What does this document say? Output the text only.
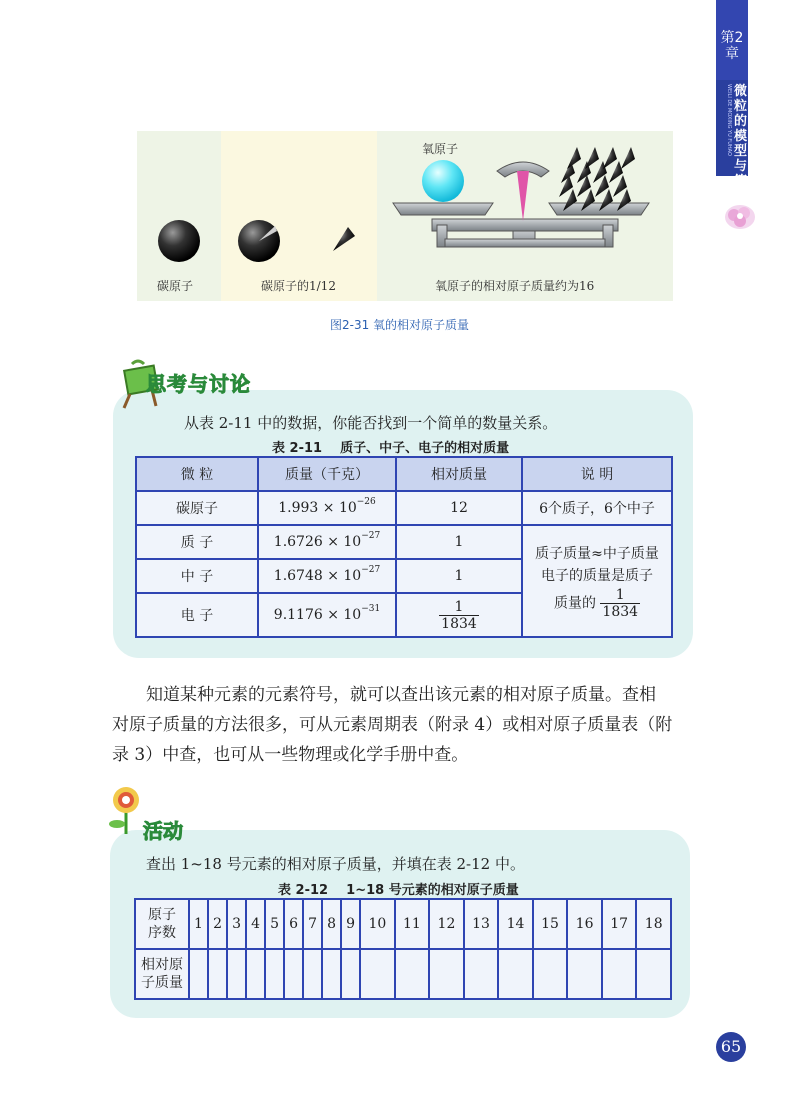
第2章
WEILI DE MOXING YU FUHAO 微粒的模型与符号
碳原子	碳原子的1/12
氧原子
氧原子的相对原子质量约为16
图2-31 氧的相对原子质量
思考与讨论
从表 2-11 中的数据，你能否找到一个简单的数量关系。
表 2-11    质子、中子、电子的相对质量
微 粒	质量（千克）	相对质量	说 明
碳原子	$1.993 \times 10^{-26}$	12	6个质子，6个中子
质 子	$1.6726 \times 10^{-27}$	1	质子质量≈中子质量
电子的质量是质子
质量的 $\frac{1}{1834}$

中 子	$1.6748 \times 10^{-27}$	1	
电 子	$9.1176 \times 10^{-31}$	$\frac{1}{1834}$
知道某种元素的元素符号，就可以查出该元素的相对原子质量。查相
对原子质量的方法很多，可从元素周期表（附录 4）或相对原子质量表（附
录 3）中查，也可从一些物理或化学手册中查。
活动
查出 1~18 号元素的相对原子质量，并填在表 2-12 中。
表 2-12    1~18 号元素的相对原子质量
原子
序数	1	2	3	4	5	6	7	8	9	10	11	12	13	14	15	16	17	18

相对原
子质量																		

65
